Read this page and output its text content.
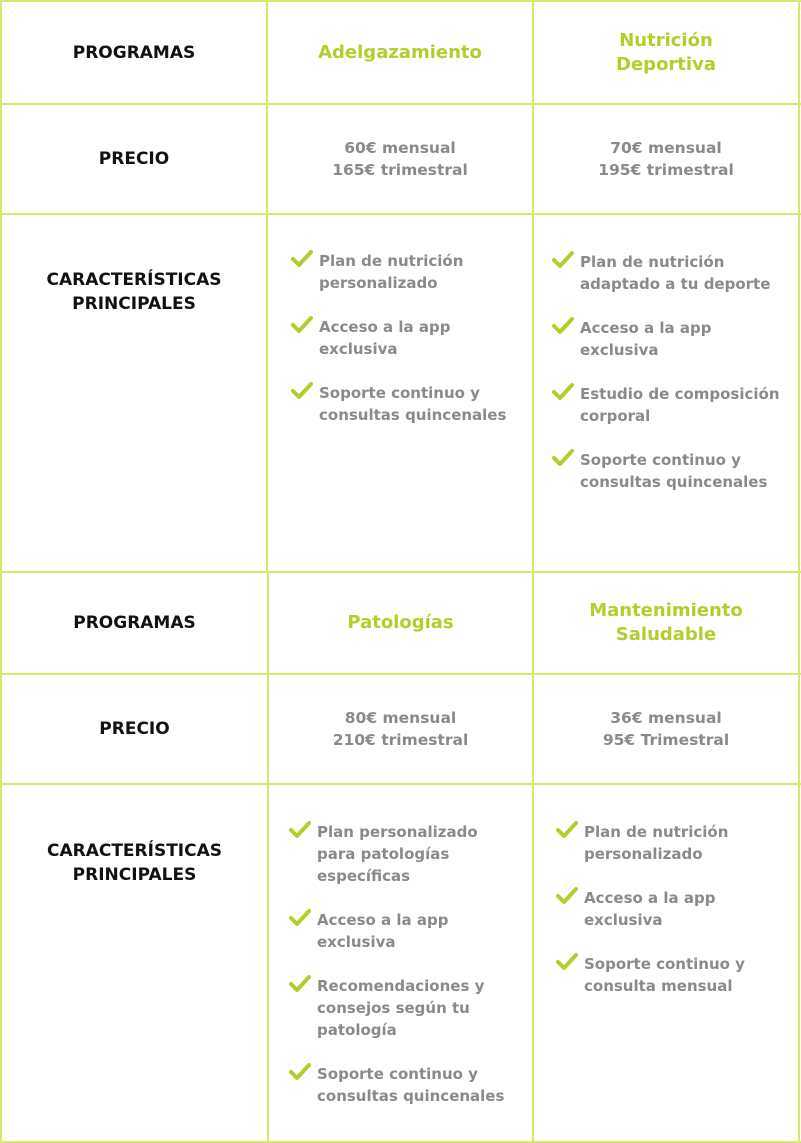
PROGRAMAS	Adelgazamiento
Nutrición Deportiva
PRECIO
60€ mensual
165€ trimestral
70€ mensual
195€ trimestral
CARACTERÍSTICAS PRINCIPALES
Plan de nutrición personalizado
Acceso a la app exclusiva
Soporte continuo y consultas quincenales
Plan de nutrición adaptado a tu deporte
Acceso a la app exclusiva
Estudio de composición corporal
Soporte continuo y consultas quincenales
PROGRAMAS	Patologías
Mantenimiento Saludable
PRECIO
80€ mensual
210€ trimestral
36€ mensual
95€ Trimestral
CARACTERÍSTICAS PRINCIPALES
Plan personalizado para patologías específicas
Acceso a la app exclusiva
Recomendaciones y consejos según tu patología
Soporte continuo y consultas quincenales
Plan de nutrición personalizado
Acceso a la app exclusiva
Soporte continuo y consulta mensual
